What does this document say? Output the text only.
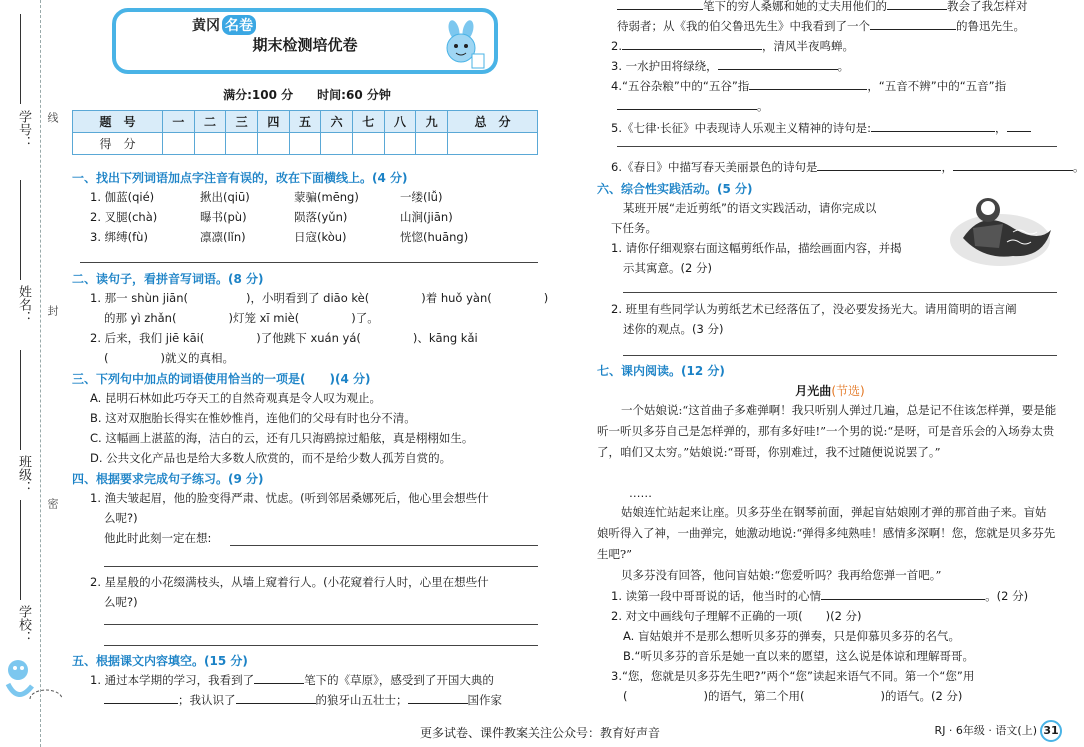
学号：
姓名：
班级：
学校：
线
封
密
黄冈 名卷
期末检测培优卷
满分:100 分　　 时间:60 分钟
题　号	一	二	三	四	五	六	七	八	九	总　分
得　分										
一、找出下列词语加点字注音有误的，改在下面横线上。(4 分)
1. 伽蓝(qié)	揪出(qiū)	蒙骗(mēng)	一缕(lǚ)
2. 叉腿(chà)	曝书(pù)	陨落(yǔn)	山涧(jiān)
3. 绑缚(fù)	凛凛(lǐn)	日寇(kòu)	恍惚(huāng)
二、读句子，看拼音写词语。(8 分)
1. 那一 shùn jiān(	)，小明看到了 diāo kè(	)着 huǒ yàn(	)
的那 yì zhǎn(	)灯笼 xī miè(	)了。
2. 后来，我们 jiē kāi(	)了他跳下 xuán yá(	)、kāng kǎi
(	)就义的真相。
三、下列句中加点的词语使用恰当的一项是(　　)(4 分)
A. 昆明石林如此巧夺天工的自然奇观真是令人叹为观止。
B. 这对双胞胎长得实在惟妙惟肖，连他们的父母有时也分不清。
C. 这幅画上湛蓝的海，洁白的云，还有几只海鸥掠过船舷，真是栩栩如生。
D. 公共文化产品也是给大多数人欣赏的，而不是给少数人孤芳自赏的。
四、根据要求完成句子练习。(9 分)
1. 渔夫皱起眉，他的脸变得严肃、忧虑。(听到邻居桑娜死后，他心里会想些什
么呢?)
他此时此刻一定在想:
2. 星星般的小花缀满枝头，从墙上窥着行人。(小花窥着行人时，心里在想些什
么呢?)
五、根据课文内容填空。(15 分)
1. 通过本学期的学习，我看到了	笔下的《草原》，感受到了开国大典的
；我认识了	的狼牙山五壮士；	国作家
笔下的穷人桑娜和她的丈夫用他们的	教会了我怎样对
待弱者；从《我的伯父鲁迅先生》中我看到了一个	的鲁迅先生。
2.	，清风半夜鸣蝉。
3. 一水护田将绿绕，	。
4.“五谷杂粮”中的“五谷”指	，“五音不辨”中的“五音”指
。
5.《七律·长征》中表现诗人乐观主义精神的诗句是:	，
6.《春日》中描写春天美丽景色的诗句是	，	。
六、综合性实践活动。(5 分)
某班开展“走近剪纸”的语文实践活动，请你完成以
下任务。
1. 请你仔细观察右面这幅剪纸作品，描绘画面内容，并揭
示其寓意。(2 分)
2. 班里有些同学认为剪纸艺术已经落伍了，没必要发扬光大。请用简明的语言阐
述你的观点。(3 分)
七、课内阅读。(12 分)
月光曲(节选)
一个姑娘说:“这首曲子多难弹啊！我只听别人弹过几遍，总是记不住该怎样弹，要是能听一听贝多芬自己是怎样弹的，那有多好哇!”一个男的说:“是呀，可是音乐会的入场券太贵了，咱们又太穷。”姑娘说:“哥哥，你别难过，我不过随便说说罢了。”
……
姑娘连忙站起来让座。贝多芬坐在钢琴前面，弹起盲姑娘刚才弹的那首曲子来。盲姑娘听得入了神，一曲弹完，她激动地说:“弹得多纯熟哇！感情多深啊！您，您就是贝多芬先生吧?”
贝多芬没有回答，他问盲姑娘:“您爱听吗？我再给您弹一首吧。”
1. 读第一段中哥哥说的话，他当时的心情	。(2 分)
2. 对文中画线句子理解不正确的一项(　　)(2 分)
A. 盲姑娘并不是那么想听贝多芬的弹奏，只是仰慕贝多芬的名气。
B.“听贝多芬的音乐是她一直以来的愿望，这么说是体谅和理解哥哥。
3.“您，您就是贝多芬先生吧?”两个“您”读起来语气不同。第一个“您”用
(	)的语气，第二个用(	)的语气。(2 分)
更多试卷、课件教案关注公众号：教育好声音	RJ · 6年级 · 语文(上) 31
